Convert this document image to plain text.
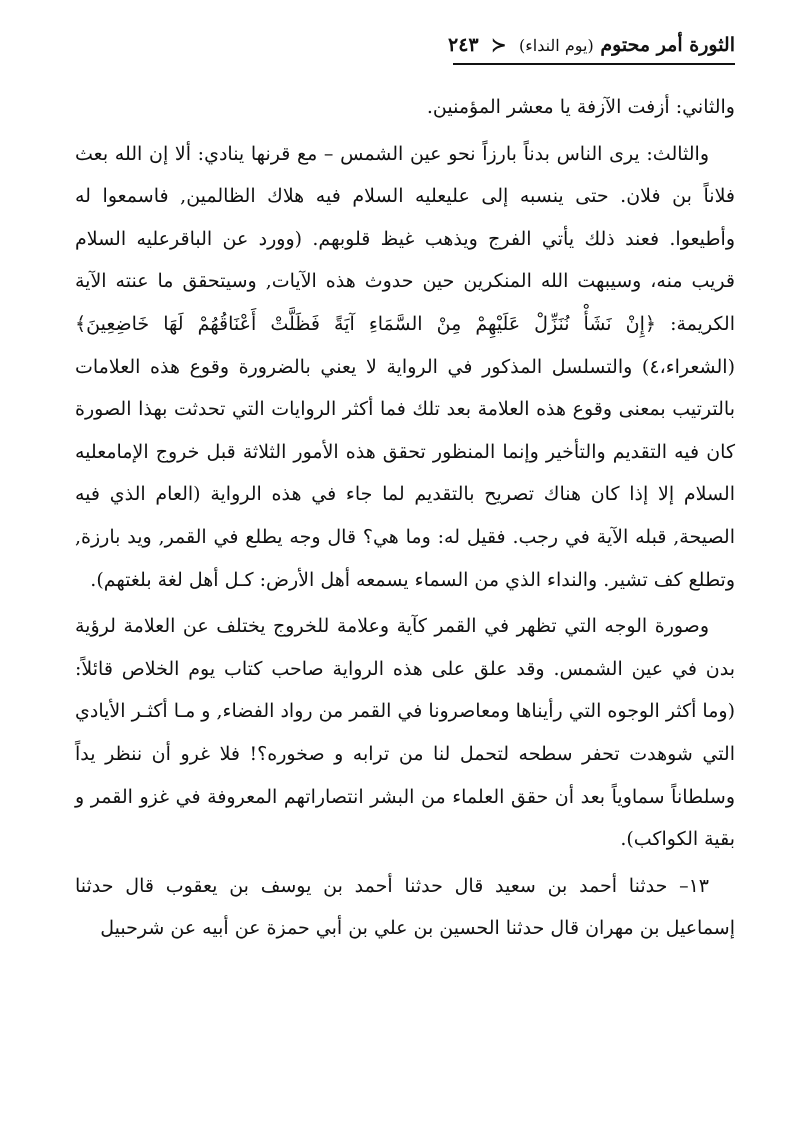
الثورة أمر محتوم (يوم النداء) ≺ ٢٤٣

والثاني: أزفت الآزفة يا معشر المؤمنين.

والثالث: يرى الناس بدناً بارزاً نحو عين الشمس – مع قرنها ينادي: ألا إن الله بعث فلاناً بن فلان. حتى ينسبه إلى عليعليه السلام فيه هلاك الظالمين, فاسمعوا له وأطيعوا. فعند ذلك يأتي الفرج ويذهب غيظ قلوبهم. (وورد عن الباقرعليه السلام قريب منه، وسيبهت الله المنكرين حين حدوث هذه الآيات, وسيتحقق ما عنته الآية الكريمة: ﴿إِنْ نَشَأْ نُنَزِّلْ عَلَيْهِمْ مِنْ السَّمَاءِ آيَةً فَظَلَّتْ أَعْنَاقُهُمْ لَهَا خَاضِعِينَ﴾(الشعراء،٤) والتسلسل المذكور في الرواية لا يعني بالضرورة وقوع هذه العلامات بالترتيب بمعنى وقوع هذه العلامة بعد تلك فما أكثر الروايات التي تحدثت بهذا الصورة كان فيه التقديم والتأخير وإنما المنظور تحقق هذه الأمور الثلاثة قبل خروج الإمامعليه السلام إلا إذا كان هناك تصريح بالتقديم لما جاء في هذه الرواية (العام الذي فيه الصيحة, قبله الآية في رجب. فقيل له: وما هي؟ قال وجه يطلع في القمر, ويد بارزة, وتطلع كف تشير. والنداء الذي من السماء يسمعه أهل الأرض: كـل أهل لغة بلغتهم).

وصورة الوجه التي تظهر في القمر كآية وعلامة للخروج يختلف عن العلامة لرؤية بدن في عين الشمس. وقد علق على هذه الرواية صاحب كتاب يوم الخلاص قائلاً: (وما أكثر الوجوه التي رأيناها ومعاصرونا في القمر من رواد الفضاء, و مـا أكثـر الأيادي التي شوهدت تحفر سطحه لتحمل لنا من ترابه و صخوره؟! فلا غرو أن ننظر يداً وسلطاناً سماوياً بعد أن حقق العلماء من البشر انتصاراتهم المعروفة في غزو القمر و بقية الكواكب).

١٣– حدثنا أحمد بن سعيد قال حدثنا أحمد بن يوسف بن يعقوب قال حدثنا إسماعيل بن مهران قال حدثنا الحسين بن علي بن أبي حمزة عن أبيه عن شرحبيل
